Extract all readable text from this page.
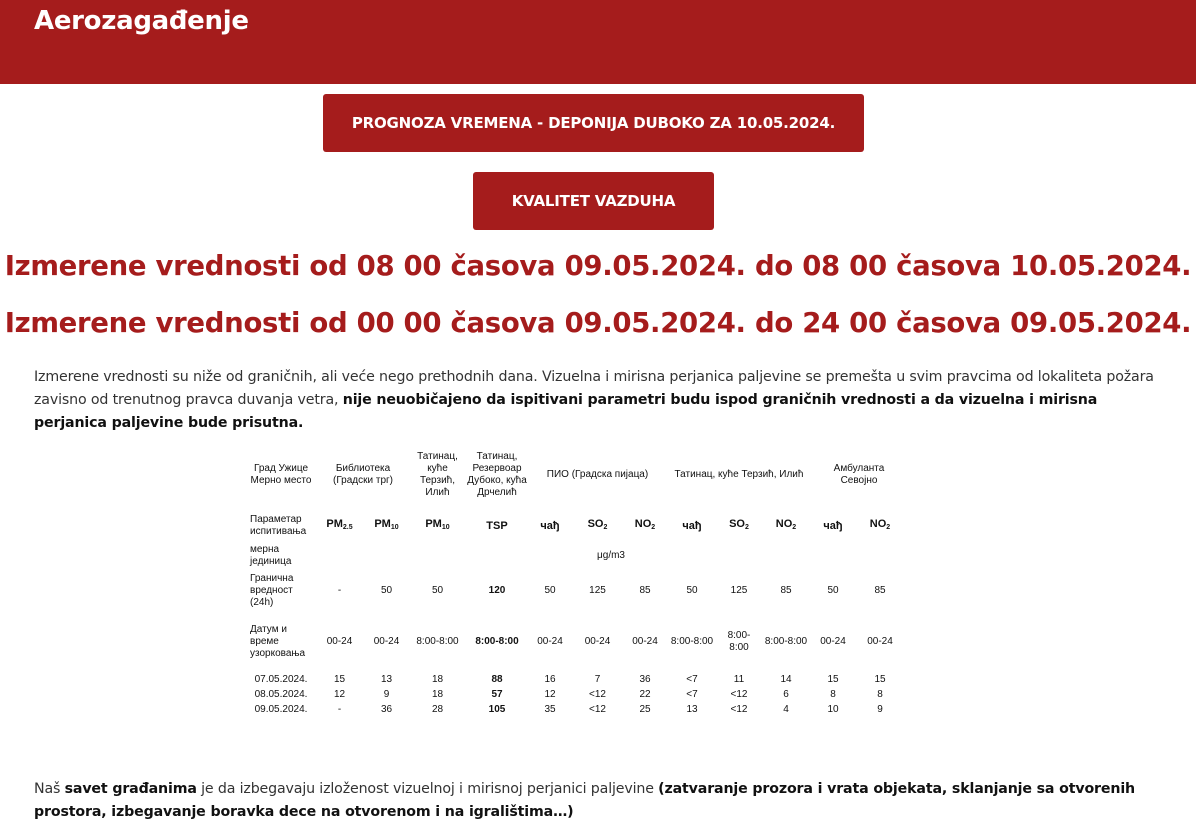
Aerozagađenje
PROGNOZA VREMENA - DEPONIJA DUBOKO ZA 10.05.2024.
KVALITET VAZDUHA
Izmerene vrednosti od 08 00 časova 09.05.2024. do 08 00 časova 10.05.2024.
Izmerene vrednosti od 00 00 časova 09.05.2024. do 24 00 časova 09.05.2024.
Izmerene vrednosti su niže od graničnih, ali veće nego prethodnih dana. Vizuelna i mirisna perjanica paljevine se premešta u svim pravcima od lokaliteta požara zavisno od trenutnog pravca duvanja vetra, nije neuobičajeno da ispitivani parametri budu ispod graničnih vrednosti a da vizuelna i mirisna perjanica paljevine bude prisutna.
Град Ужице Мерно место	Библиотека (Градски трг)		Татинац, куће Терзић, Илић	Татинац, Резервоар Дубоко, кућа Дрчелић	ПИО (Градска пијаца)			Татинац, куће Терзић, Илић			Амбуланта Севојно	
Параметар испитивања	$PM_{2.5}$	$PM_{10}$	$PM_{10}$	TSP	чађ	$SO_2$	$NO_2$	чађ	$SO_2$	$NO_2$	чађ	$NO_2$
мерна јединица	μg/m3											
Гранична вредност (24h)	-	50	50	120	50	125	85	50	125	85	50	85
Датум и време узорковања	00-24	00-24	8:00-8:00	8:00-8:00	00-24	00-24	00-24	8:00-8:00	8:00-8:00	8:00-8:00	00-24	00-24
07.05.2024.	15	13	18	88	16	7	36	<7	11	14	15	15
08.05.2024.	12	9	18	57	12	<12	22	<7	<12	6	8	8
09.05.2024.	-	36	28	105	35	<12	25	13	<12	4	10	9
Naš savet građanima je da izbegavaju izloženost vizuelnoj i mirisnoj perjanici paljevine (zatvaranje prozora i vrata objekata, sklanjanje sa otvorenih prostora, izbegavanje boravka dece na otvorenom i na igralištima…)
